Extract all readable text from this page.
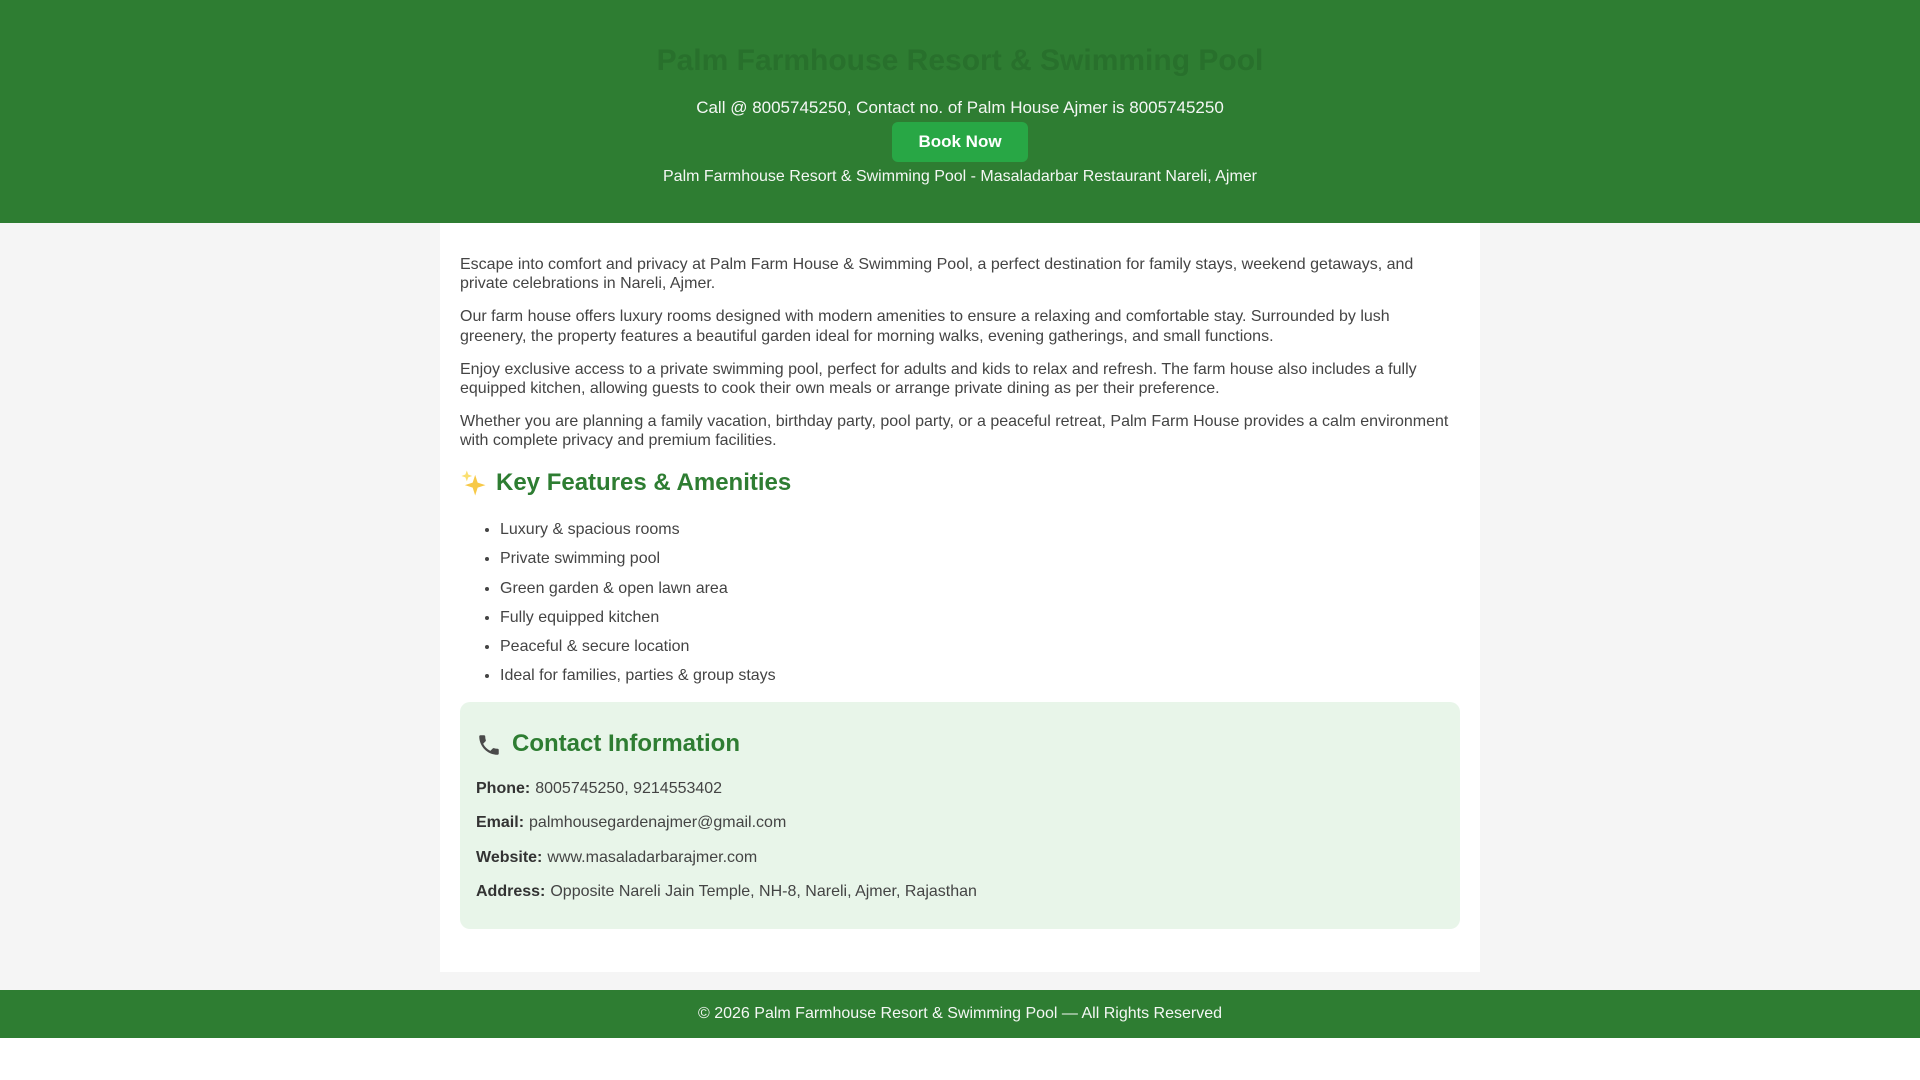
Palm Farmhouse Resort & Swimming Pool

Call @ 8005745250, Contact no. of Palm House Ajmer is 8005745250

Book Now

Palm Farmhouse Resort & Swimming Pool - Masaladarbar Restaurant Nareli, Ajmer

Escape into comfort and privacy at Palm Farm House & Swimming Pool, a perfect destination for family stays, weekend getaways, and private celebrations in Nareli, Ajmer.

Our farm house offers luxury rooms designed with modern amenities to ensure a relaxing and comfortable stay. Surrounded by lush greenery, the property features a beautiful garden ideal for morning walks, evening gatherings, and small functions.

Enjoy exclusive access to a private swimming pool, perfect for adults and kids to relax and refresh. The farm house also includes a fully equipped kitchen, allowing guests to cook their own meals or arrange private dining as per their preference.

Whether you are planning a family vacation, birthday party, pool party, or a peaceful retreat, Palm Farm House provides a calm environment with complete privacy and premium facilities.

Key Features & Amenities
• Luxury & spacious rooms
• Private swimming pool
• Green garden & open lawn area
• Fully equipped kitchen
• Peaceful & secure location
• Ideal for families, parties & group stays
Contact Information

Phone: 8005745250, 9214553402

Email: palmhousegardenajmer@gmail.com

Website: www.masaladarbarajmer.com

Address: Opposite Nareli Jain Temple, NH-8, Nareli, Ajmer, Rajasthan

© 2026 Palm Farmhouse Resort & Swimming Pool — All Rights Reserved
